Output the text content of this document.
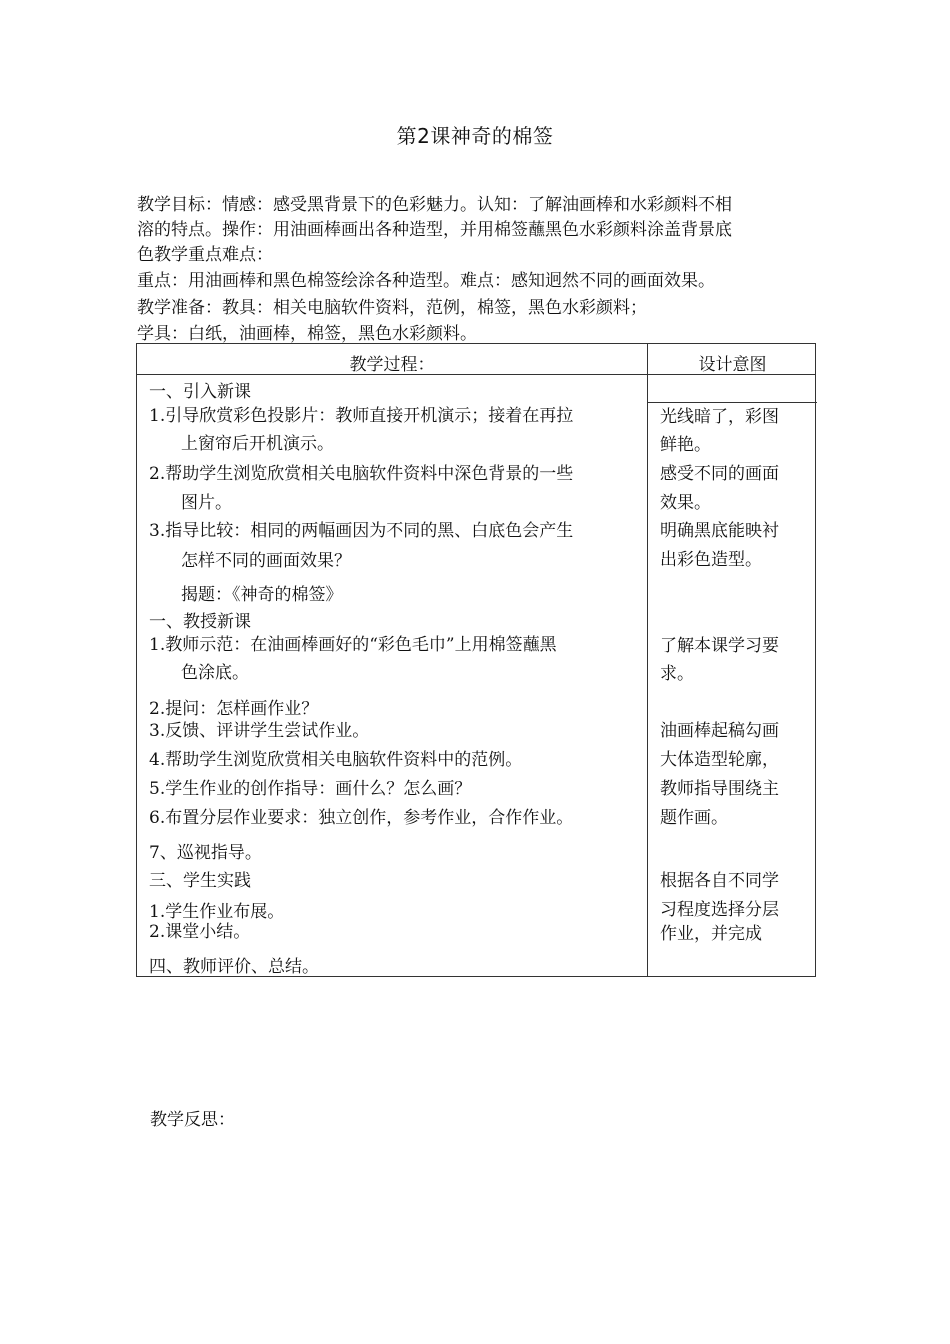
第2课神奇的棉签
教学目标：情感：感受黑背景下的色彩魅力。认知：了解油画棒和水彩颜料不相
溶的特点。操作：用油画棒画出各种造型，并用棉签蘸黑色水彩颜料涂盖背景底
色教学重点难点：
重点：用油画棒和黑色棉签绘涂各种造型。难点：感知迥然不同的画面效果。
教学准备：教具：相关电脑软件资料，范例，棉签，黑色水彩颜料；
学具：白纸，油画棒，棉签，黑色水彩颜料。
教学过程：	设计意图
一、引入新课
1.引导欣赏彩色投影片：教师直接开机演示；接着在再拉
上窗帘后开机演示。
2.帮助学生浏览欣赏相关电脑软件资料中深色背景的一些
图片。
3.指导比较：相同的两幅画因为不同的黑、白底色会产生
怎样不同的画面效果？
揭题：《神奇的棉签》
一、教授新课
1.教师示范：在油画棒画好的“彩色毛巾”上用棉签蘸黑
色涂底。
2.提问：怎样画作业？
3.反馈、评讲学生尝试作业。
4.帮助学生浏览欣赏相关电脑软件资料中的范例。
5.学生作业的创作指导：画什么？怎么画？
6.布置分层作业要求：独立创作，参考作业，合作作业。
7、巡视指导。
三、学生实践
1.学生作业布展。
2.课堂小结。
四、教师评价、总结。
光线暗了，彩图
鲜艳。
感受不同的画面
效果。
明确黑底能映衬
出彩色造型。
了解本课学习要
求。
油画棒起稿勾画
大体造型轮廓，
教师指导围绕主
题作画。
根据各自不同学
习程度选择分层
作业，并完成
教学反思：
